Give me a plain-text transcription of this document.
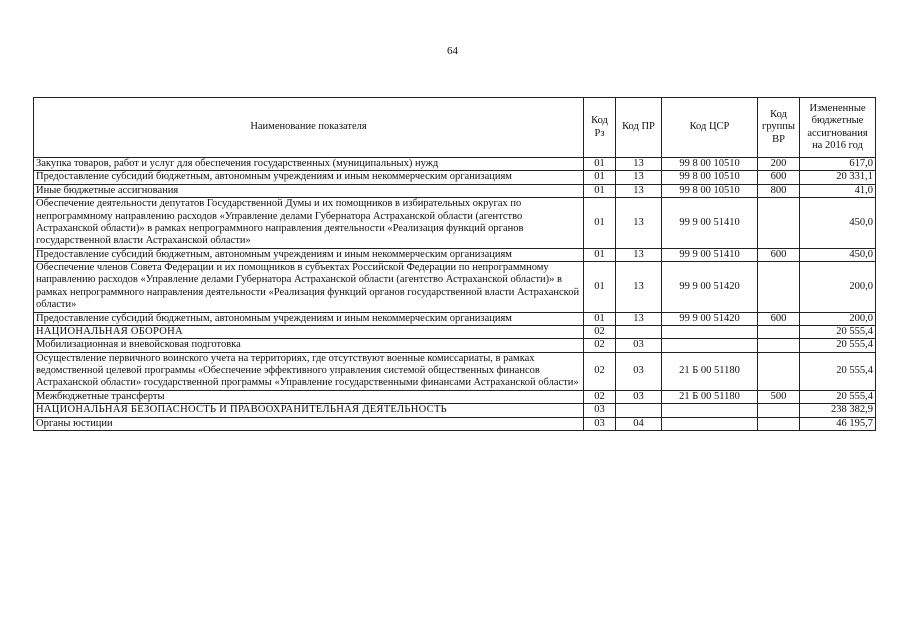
64
Наименование показателя	Код Рз	Код ПР	Код ЦСР	Код группы ВР	Измененные бюджетные ассигнования на 2016 год
Закупка товаров, работ и услуг для обеспечения государственных (муниципальных) нужд	01	13	99 8 00 10510	200	617,0
Предоставление субсидий бюджетным, автономным учреждениям и иным некоммерческим организациям	01	13	99 8 00 10510	600	20 331,1
Иные бюджетные ассигнования	01	13	99 8 00 10510	800	41,0
Обеспечение деятельности депутатов Государственной Думы и их помощников в избирательных округах по непрограммному направлению расходов «Управление делами Губернатора Астраханской области (агентство Астраханской области)» в рамках непрограммного направления деятельности «Реализация функций органов государственной власти Астраханской области»	01	13	99 9 00 51410		450,0
Предоставление субсидий бюджетным, автономным учреждениям и иным некоммерческим организациям	01	13	99 9 00 51410	600	450,0
Обеспечение членов Совета Федерации и их помощников в субъектах Российской Федерации по непрограммному направлению расходов «Управление делами Губернатора Астраханской области (агентство Астраханской области)» в рамках непрограммного направления деятельности «Реализация функций органов государственной власти Астраханской области»	01	13	99 9 00 51420		200,0
Предоставление субсидий бюджетным, автономным учреждениям и иным некоммерческим организациям	01	13	99 9 00 51420	600	200,0
НАЦИОНАЛЬНАЯ ОБОРОНА	02				20 555,4
Мобилизационная и вневойсковая подготовка	02	03			20 555,4
Осуществление первичного воинского учета на территориях, где отсутствуют военные комиссариаты, в рамках ведомственной целевой программы «Обеспечение эффективного управления системой общественных финансов Астраханской области» государственной программы «Управление государственными финансами Астраханской области»	02	03	21 Б 00 51180		20 555,4
Межбюджетные трансферты	02	03	21 Б 00 51180	500	20 555,4
НАЦИОНАЛЬНАЯ БЕЗОПАСНОСТЬ И ПРАВООХРАНИТЕЛЬНАЯ ДЕЯТЕЛЬНОСТЬ	03				238 382,9
Органы юстиции	03	04			46 195,7
